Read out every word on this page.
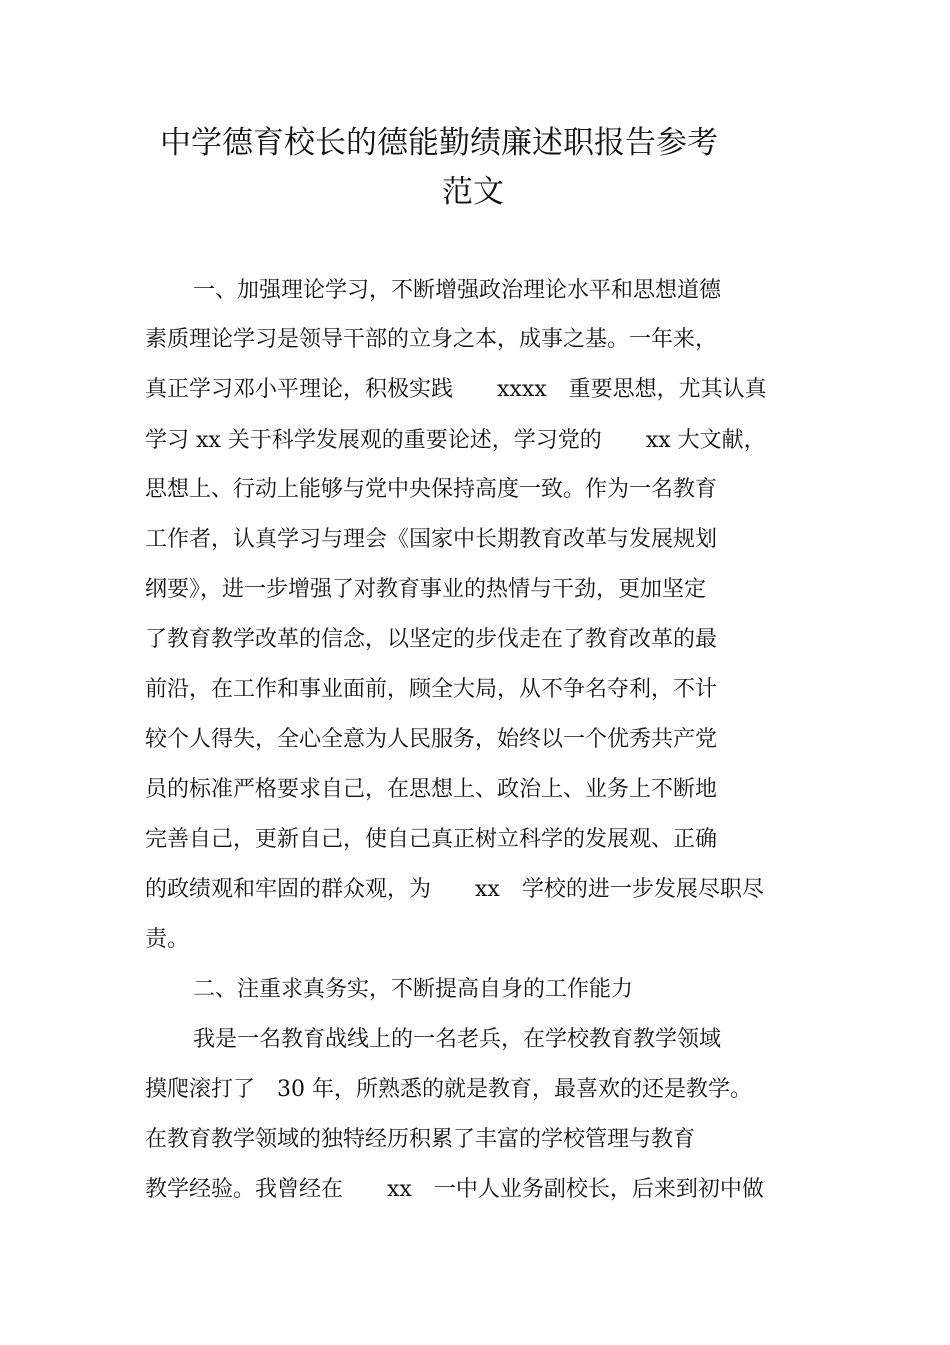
中学德育校长的德能勤绩廉述职报告参考
范文
一、加强理论学习，不断增强政治理论水平和思想道德
素质理论学习是领导干部的立身之本，成事之基。一年来，
真正学习邓小平理论，积极实践　　xxxx　重要思想，尤其认真
学习 xx 关于科学发展观的重要论述，学习党的　　xx 大文献，
思想上、行动上能够与党中央保持高度一致。作为一名教育
工作者，认真学习与理会《国家中长期教育改革与发展规划
纲要》，进一步增强了对教育事业的热情与干劲，更加坚定
了教育教学改革的信念，以坚定的步伐走在了教育改革的最
前沿，在工作和事业面前，顾全大局，从不争名夺利，不计
较个人得失，全心全意为人民服务，始终以一个优秀共产党
员的标准严格要求自己，在思想上、政治上、业务上不断地
完善自己，更新自己，使自己真正树立科学的发展观、正确
的政绩观和牢固的群众观，为　　xx　学校的进一步发展尽职尽
责。
二、注重求真务实，不断提高自身的工作能力
我是一名教育战线上的一名老兵，在学校教育教学领域
摸爬滚打了　30 年，所熟悉的就是教育，最喜欢的还是教学。
在教育教学领域的独特经历积累了丰富的学校管理与教育
教学经验。我曾经在　　xx　一中人业务副校长，后来到初中做
